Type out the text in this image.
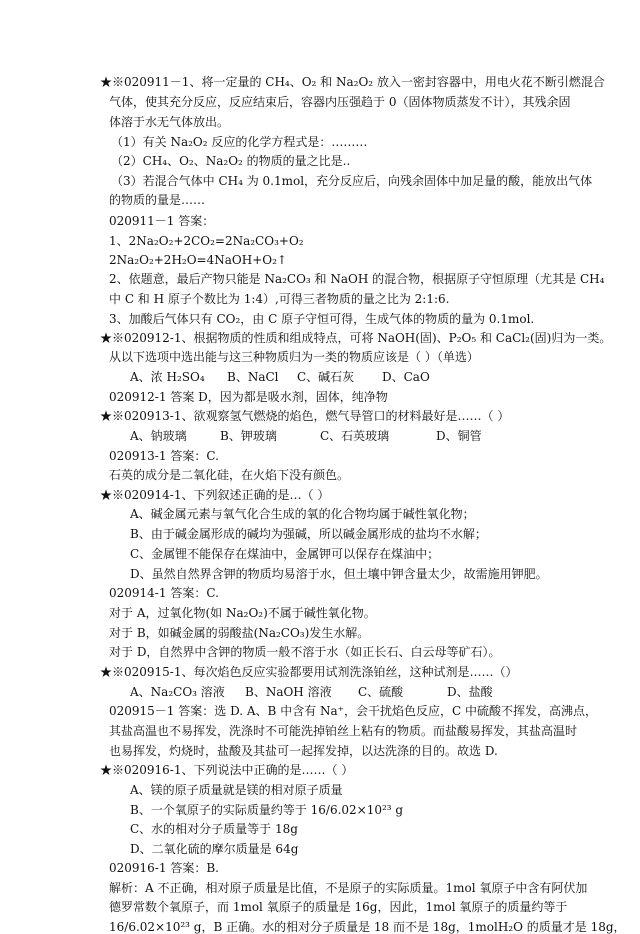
★※020911－1、将一定量的 CH₄、O₂ 和 Na₂O₂ 放入一密封容器中，用电火花不断引燃混合
气体，使其充分反应，反应结束后，容器内压强趋于 0（固体物质蒸发不计），其残余固
体溶于水无气体放出。
（1）有关 Na₂O₂ 反应的化学方程式是：………
（2）CH₄、O₂、Na₂O₂ 的物质的量之比是..
（3）若混合气体中 CH₄ 为 0.1mol，充分反应后，向残余固体中加足量的酸，能放出气体
的物质的量是……
020911－1 答案：
1、2Na₂O₂+2CO₂=2Na₂CO₃+O₂
2Na₂O₂+2H₂O=4NaOH+O₂↑
2、依题意，最后产物只能是 Na₂CO₃ 和 NaOH 的混合物，根据原子守恒原理（尤其是 CH₄
中 C 和 H 原子个数比为 1:4）,可得三者物质的量之比为 2:1:6.
3、加酸后气体只有 CO₂，由 C 原子守恒可得，生成气体的物质的量为 0.1mol.
★※020912-1、根据物质的性质和组成特点，可将 NaOH(固)、P₂O₅ 和 CaCl₂(固)归为一类。
从以下选项中选出能与这三种物质归为一类的物质应该是（ ）（单选）
020912-1 答案 D，因为都是吸水剂，固体，纯净物
★※020913-1、欲观察氢气燃烧的焰色，燃气导管口的材料最好是……（ ）
020913-1 答案：C.
石英的成分是二氧化硅，在火焰下没有颜色。
★※020914-1、下列叙述正确的是…（ ）
A、碱金属元素与氧气化合生成的氧的化合物均属于碱性氧化物；
B、由于碱金属形成的碱均为强碱，所以碱金属形成的盐均不水解；
C、金属锂不能保存在煤油中，金属钾可以保存在煤油中；
D、虽然自然界含钾的物质均易溶于水，但土壤中钾含量太少，故需施用钾肥。
020914-1 答案：C.
对于 A，过氧化物(如 Na₂O₂)不属于碱性氧化物。
对于 B，如碱金属的弱酸盐(Na₂CO₃)发生水解。
对于 D，自然界中含钾的物质一般不溶于水（如正长石、白云母等矿石）。
★※020915-1、每次焰色反应实验都要用试剂洗涤铂丝，这种试剂是……（）
020915－1 答案：选 D. A、B 中含有 Na⁺，会干扰焰色反应，C 中硫酸不挥发，高沸点，
其盐高温也不易挥发，洗涤时不可能洗掉铂丝上粘有的物质。而盐酸易挥发，其盐高温时
也易挥发，灼烧时，盐酸及其盐可一起挥发掉，以达洗涤的目的。故选 D.
★※020916-1、下列说法中正确的是……（ ）
A、镁的原子质量就是镁的相对原子质量
B、一个氧原子的实际质量约等于 16/6.02×10²³ g
C、水的相对分子质量等于 18g
D、二氧化硫的摩尔质量是 64g
020916-1 答案：B.
解析：A 不正确，相对原子质量是比值，不是原子的实际质量。1mol 氧原子中含有阿伏加
德罗常数个氧原子，而 1mol 氧原子的质量是 16g，因此，1mol 氧原子的质量约等于
16/6.02×10²³ g，B 正确。水的相对分子质量是 18 而不是 18g，1molH₂O 的质量才是 18g，
A、浓 H₂SO₄ B、NaCl C、碱石灰 D、CaO
A、钠玻璃	B、钾玻璃	C、石英玻璃	D、铜管
A、Na₂CO₃ 溶液 B、NaOH 溶液 C、硫酸	D、盐酸
